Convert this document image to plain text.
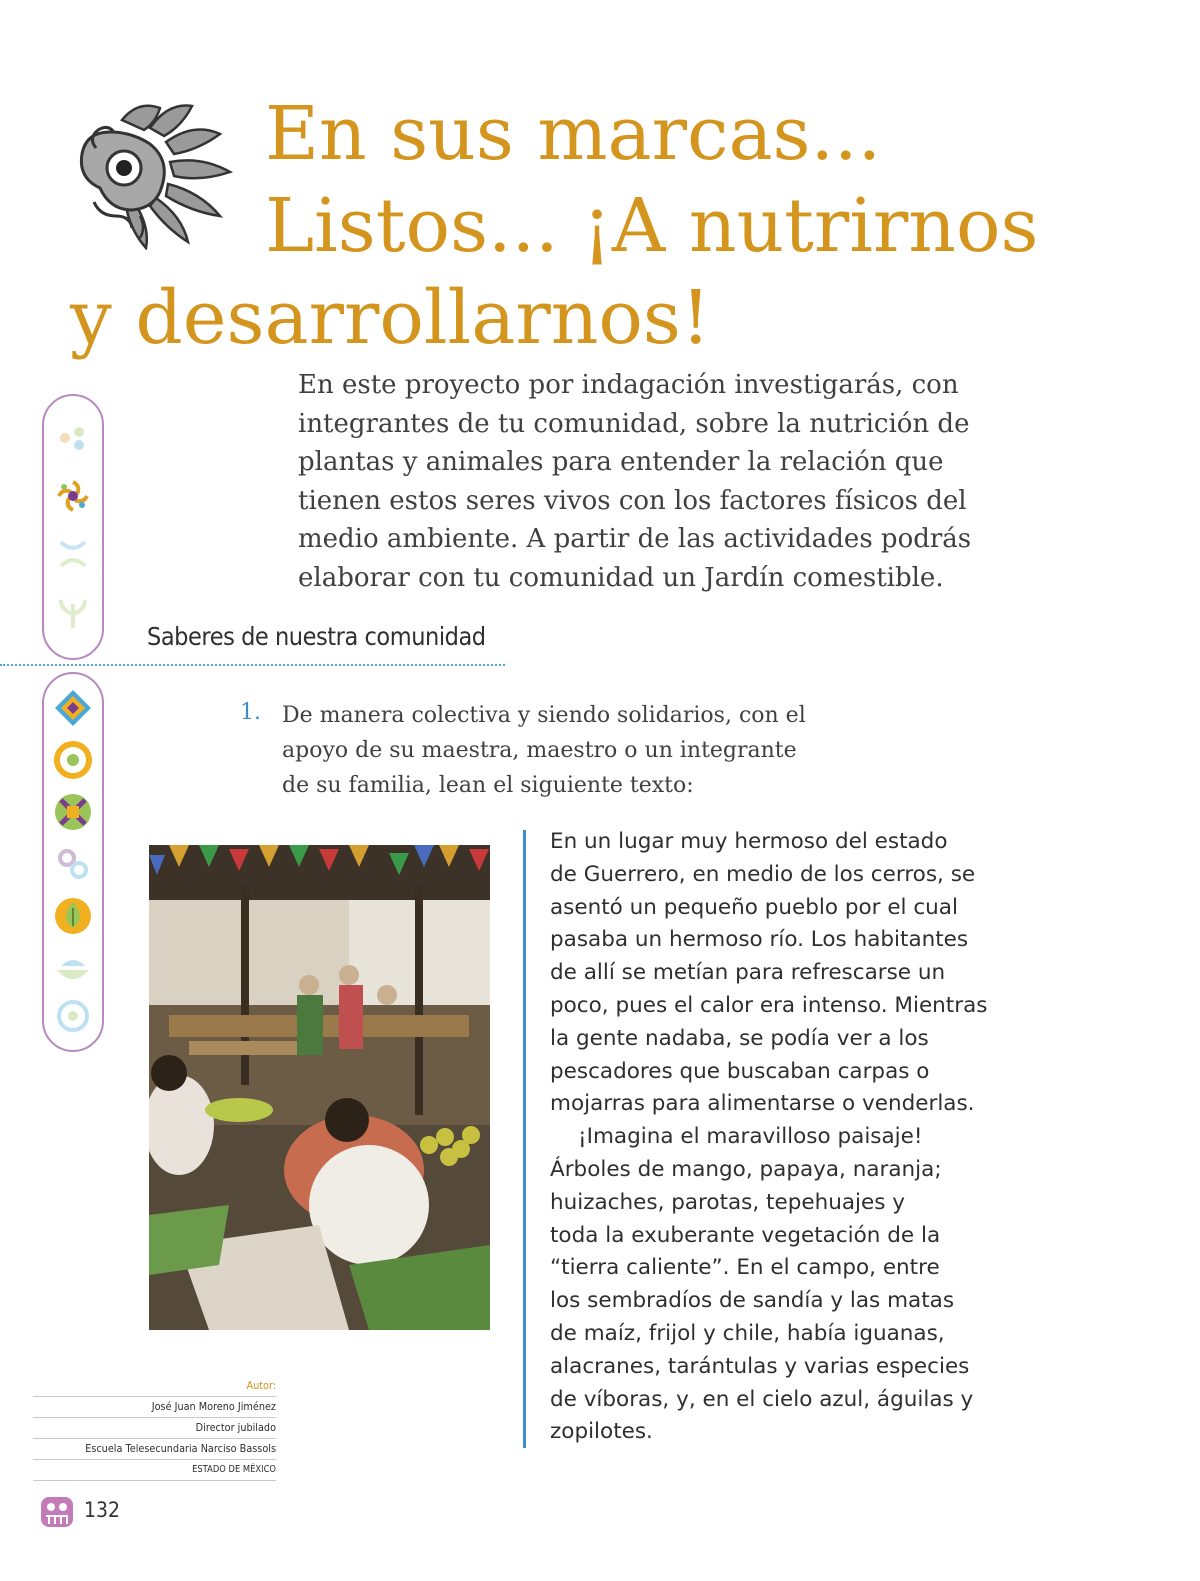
En sus marcas...
Listos... ¡A nutrirnos
y desarrollarnos!

En este proyecto por indagación investigarás, con
integrantes de tu comunidad, sobre la nutrición de
plantas y animales para entender la relación que
tienen estos seres vivos con los factores físicos del
medio ambiente. A partir de las actividades podrás
elaborar con tu comunidad un Jardín comestible.

Saberes de nuestra comunidad
1. De manera colectiva y siendo solidarios, con el
apoyo de su maestra, maestro o un integrante
de su familia, lean el siguiente texto:

En un lugar muy hermoso del estado

de Guerrero, en medio de los cerros, se

asentó un pequeño pueblo por el cual

pasaba un hermoso río. Los habitantes

de allí se metían para refrescarse un

poco, pues el calor era intenso. Mientras

la gente nadaba, se podía ver a los

pescadores que buscaban carpas o

mojarras para alimentarse o venderlas.

¡Imagina el maravilloso paisaje!

Árboles de mango, papaya, naranja;

huizaches, parotas, tepehuajes y

toda la exuberante vegetación de la

“tierra caliente”. En el campo, entre

los sembradíos de sandía y las matas

de maíz, frijol y chile, había iguanas,

alacranes, tarántulas y varias especies

de víboras, y, en el cielo azul, águilas y

zopilotes.

Autor:
José Juan Moreno Jiménez
Director jubilado
Escuela Telesecundaria Narciso Bassols
ESTADO DE MÉXICO
132
